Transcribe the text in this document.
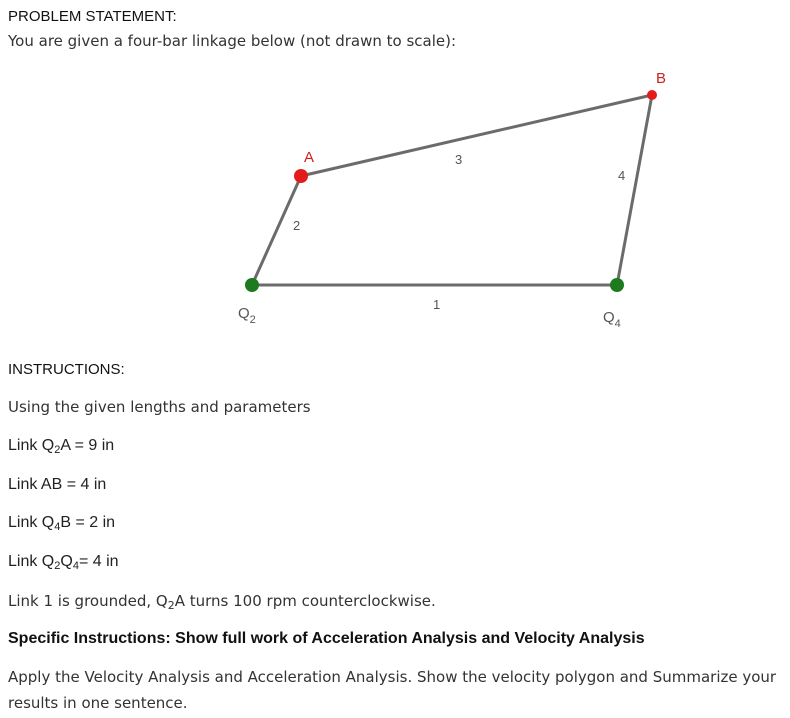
PROBLEM STATEMENT:
You are given a four-bar linkage below (not drawn to scale):
A
B
$Q_2$	$Q_4$
1
2
3
4
INSTRUCTIONS:
Using the given lengths and parameters
Link Q2A = 9 in
Link AB = 4 in
Link Q4B = 2 in
Link Q2Q4= 4 in
Link 1 is grounded, $Q_2A$ turns 100 rpm counterclockwise.
Specific Instructions: Show full work of Acceleration Analysis and Velocity Analysis
Apply the Velocity Analysis and Acceleration Analysis. Show the velocity polygon and Summarize your
results in one sentence.
